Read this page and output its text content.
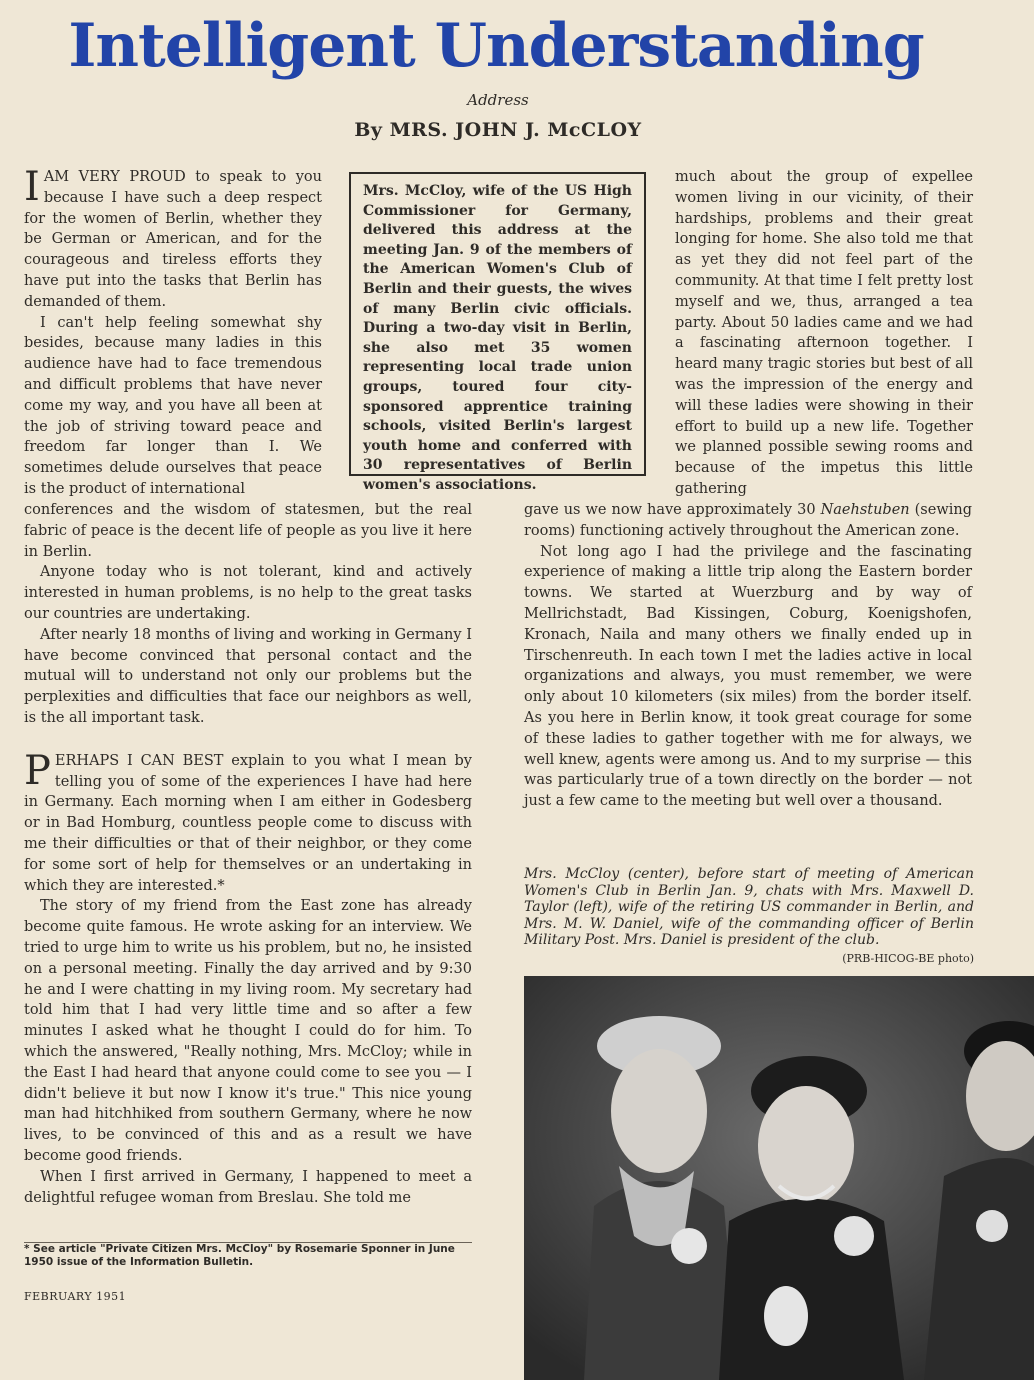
Intelligent Understanding
Address
By MRS. JOHN J. McCLOY

IAM VERY PROUD to speak to you because I have such a deep respect for the women of Berlin, whether they be German or American, and for the courageous and tireless efforts they have put into the tasks that Berlin has demanded of them.

I can't help feeling somewhat shy besides, because many ladies in this audience have had to face tremendous and difficult problems that have never come my way, and you have all been at the job of striving toward peace and freedom far longer than I. We sometimes delude ourselves that peace is the product of international

Mrs. McCloy, wife of the US High Commissioner for Germany, delivered this address at the meeting Jan. 9 of the members of the American Women's Club of Berlin and their guests, the wives of many Berlin civic officials. During a two-day visit in Berlin, she also met 35 women representing local trade union groups, toured four city-sponsored apprentice training schools, visited Berlin's largest youth home and conferred with 30 representatives of Berlin women's associations.

conferences and the wisdom of statesmen, but the real fabric of peace is the decent life of people as you live it here in Berlin.

Anyone today who is not tolerant, kind and actively interested in human problems, is no help to the great tasks our countries are undertaking.

After nearly 18 months of living and working in Germany I have become convinced that personal contact and the mutual will to understand not only our problems but the perplexities and difficulties that face our neighbors as well, is the all important task.

PERHAPS I CAN BEST explain to you what I mean by telling you of some of the experiences I have had here in Germany. Each morning when I am either in Godesberg or in Bad Homburg, countless people come to discuss with me their difficulties or that of their neighbor, or they come for some sort of help for themselves or an undertaking in which they are interested.*

The story of my friend from the East zone has already become quite famous. He wrote asking for an interview. We tried to urge him to write us his problem, but no, he insisted on a personal meeting. Finally the day arrived and by 9:30 he and I were chatting in my living room. My secretary had told him that I had very little time and so after a few minutes I asked what he thought I could do for him. To which the answered, "Really nothing, Mrs. McCloy; while in the East I had heard that anyone could come to see you — I didn't believe it but now I know it's true." This nice young man had hitchhiked from southern Germany, where he now lives, to be convinced of this and as a result we have become good friends.

When I first arrived in Germany, I happened to meet a delightful refugee woman from Breslau. She told me

much about the group of expellee women living in our vicinity, of their hardships, problems and their great longing for home. She also told me that as yet they did not feel part of the community. At that time I felt pretty lost myself and we, thus, arranged a tea party. About 50 ladies came and we had a fascinating afternoon together. I heard many tragic stories but best of all was the impression of the energy and will these ladies were showing in their effort to build up a new life. Together we planned possible sewing rooms and because of the impetus this little gathering

gave us we now have approximately 30 Naehstuben (sewing rooms) functioning actively throughout the American zone.

Not long ago I had the privilege and the fascinating experience of making a little trip along the Eastern border towns. We started at Wuerzburg and by way of Mellrichstadt, Bad Kissingen, Coburg, Koenigshofen, Kronach, Naila and many others we finally ended up in Tirschenreuth. In each town I met the ladies active in local organizations and always, you must remember, we were only about 10 kilometers (six miles) from the border itself. As you here in Berlin know, it took great courage for some of these ladies to gather together with me for always, we well knew, agents were among us. And to my surprise — this was particularly true of a town directly on the border — not just a few came to the meeting but well over a thousand.

Mrs. McCloy (center), before start of meeting of American Women's Club in Berlin Jan. 9, chats with Mrs. Maxwell D. Taylor (left), wife of the retiring US commander in Berlin, and Mrs. M. W. Daniel, wife of the commanding officer of Berlin Military Post. Mrs. Daniel is president of the club.
(PRB-HICOG-BE photo)
* See article "Private Citizen Mrs. McCloy" by Rosemarie Sponner in June 1950 issue of the Information Bulletin.
FEBRUARY 1951
